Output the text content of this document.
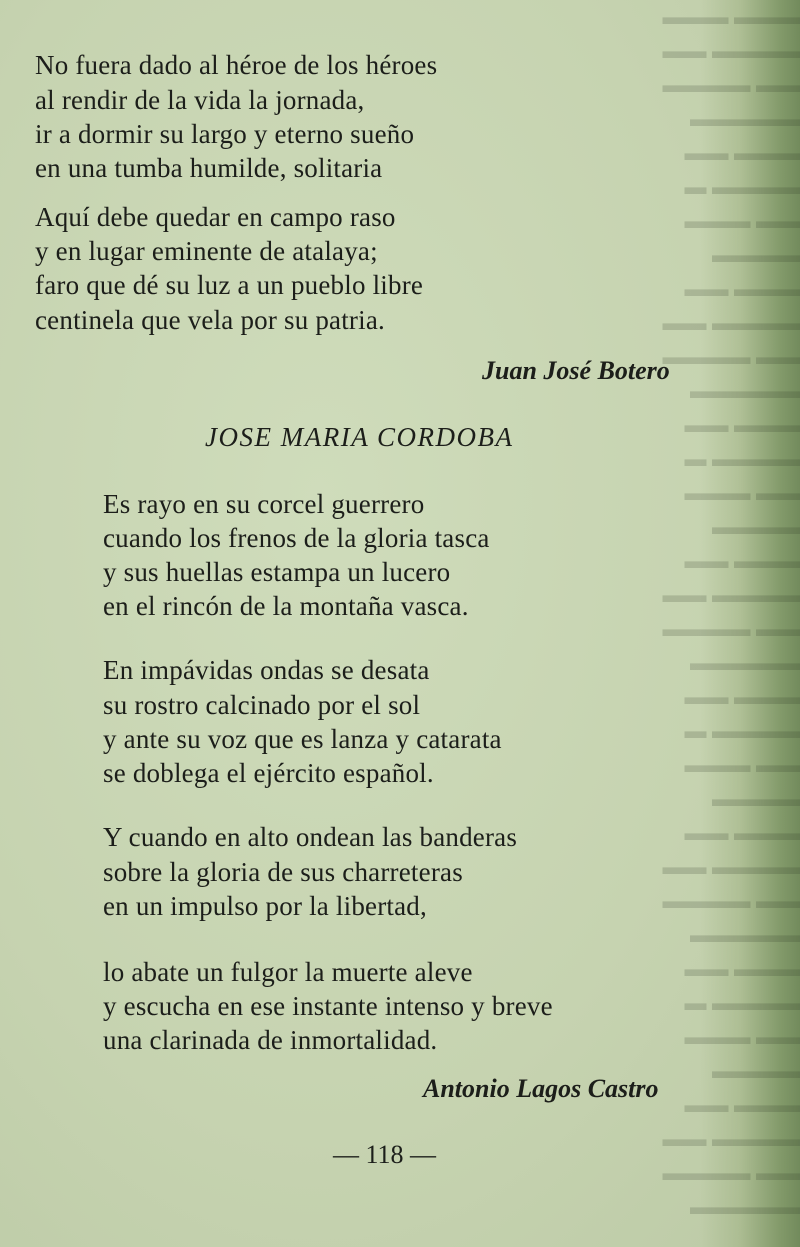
▬▬▬ ▬▬▬
▬▬▬▬ ▬▬
▬▬ ▬▬▬▬
▬▬▬▬▬
▬▬▬ ▬▬
▬▬▬▬ ▬
▬▬ ▬▬▬
▬▬▬▬
▬▬▬ ▬▬
▬▬▬▬ ▬▬
▬▬ ▬▬▬▬
▬▬▬▬▬
▬▬▬ ▬▬
▬▬▬▬ ▬
▬▬ ▬▬▬
▬▬▬▬
▬▬▬ ▬▬
▬▬▬▬ ▬▬
▬▬ ▬▬▬▬
▬▬▬▬▬
▬▬▬ ▬▬
▬▬▬▬ ▬
▬▬ ▬▬▬
▬▬▬▬
▬▬▬ ▬▬
▬▬▬▬ ▬▬
▬▬ ▬▬▬▬
▬▬▬▬▬
▬▬▬ ▬▬
▬▬▬▬ ▬
▬▬ ▬▬▬
▬▬▬▬
▬▬▬ ▬▬
▬▬▬▬ ▬▬
▬▬ ▬▬▬▬
▬▬▬▬▬
No fuera dado al héroe de los héroes
al rendir de la vida la jornada,
ir a dormir su largo y eterno sueño
en una tumba humilde, solitaria
Aquí debe quedar en campo raso
y en lugar eminente de atalaya;
faro que dé su luz a un pueblo libre
centinela que vela por su patria.
Juan José Botero
JOSE MARIA CORDOBA
Es rayo en su corcel guerrero
cuando los frenos de la gloria tasca
y sus huellas estampa un lucero
en el rincón de la montaña vasca.
En impávidas ondas se desata
su rostro calcinado por el sol
y ante su voz que es lanza y catarata
se doblega el ejército español.
Y cuando en alto ondean las banderas
sobre la gloria de sus charreteras
en un impulso por la libertad,
lo abate un fulgor la muerte aleve
y escucha en ese instante intenso y breve
una clarinada de inmortalidad.
Antonio Lagos Castro
— 118 —
